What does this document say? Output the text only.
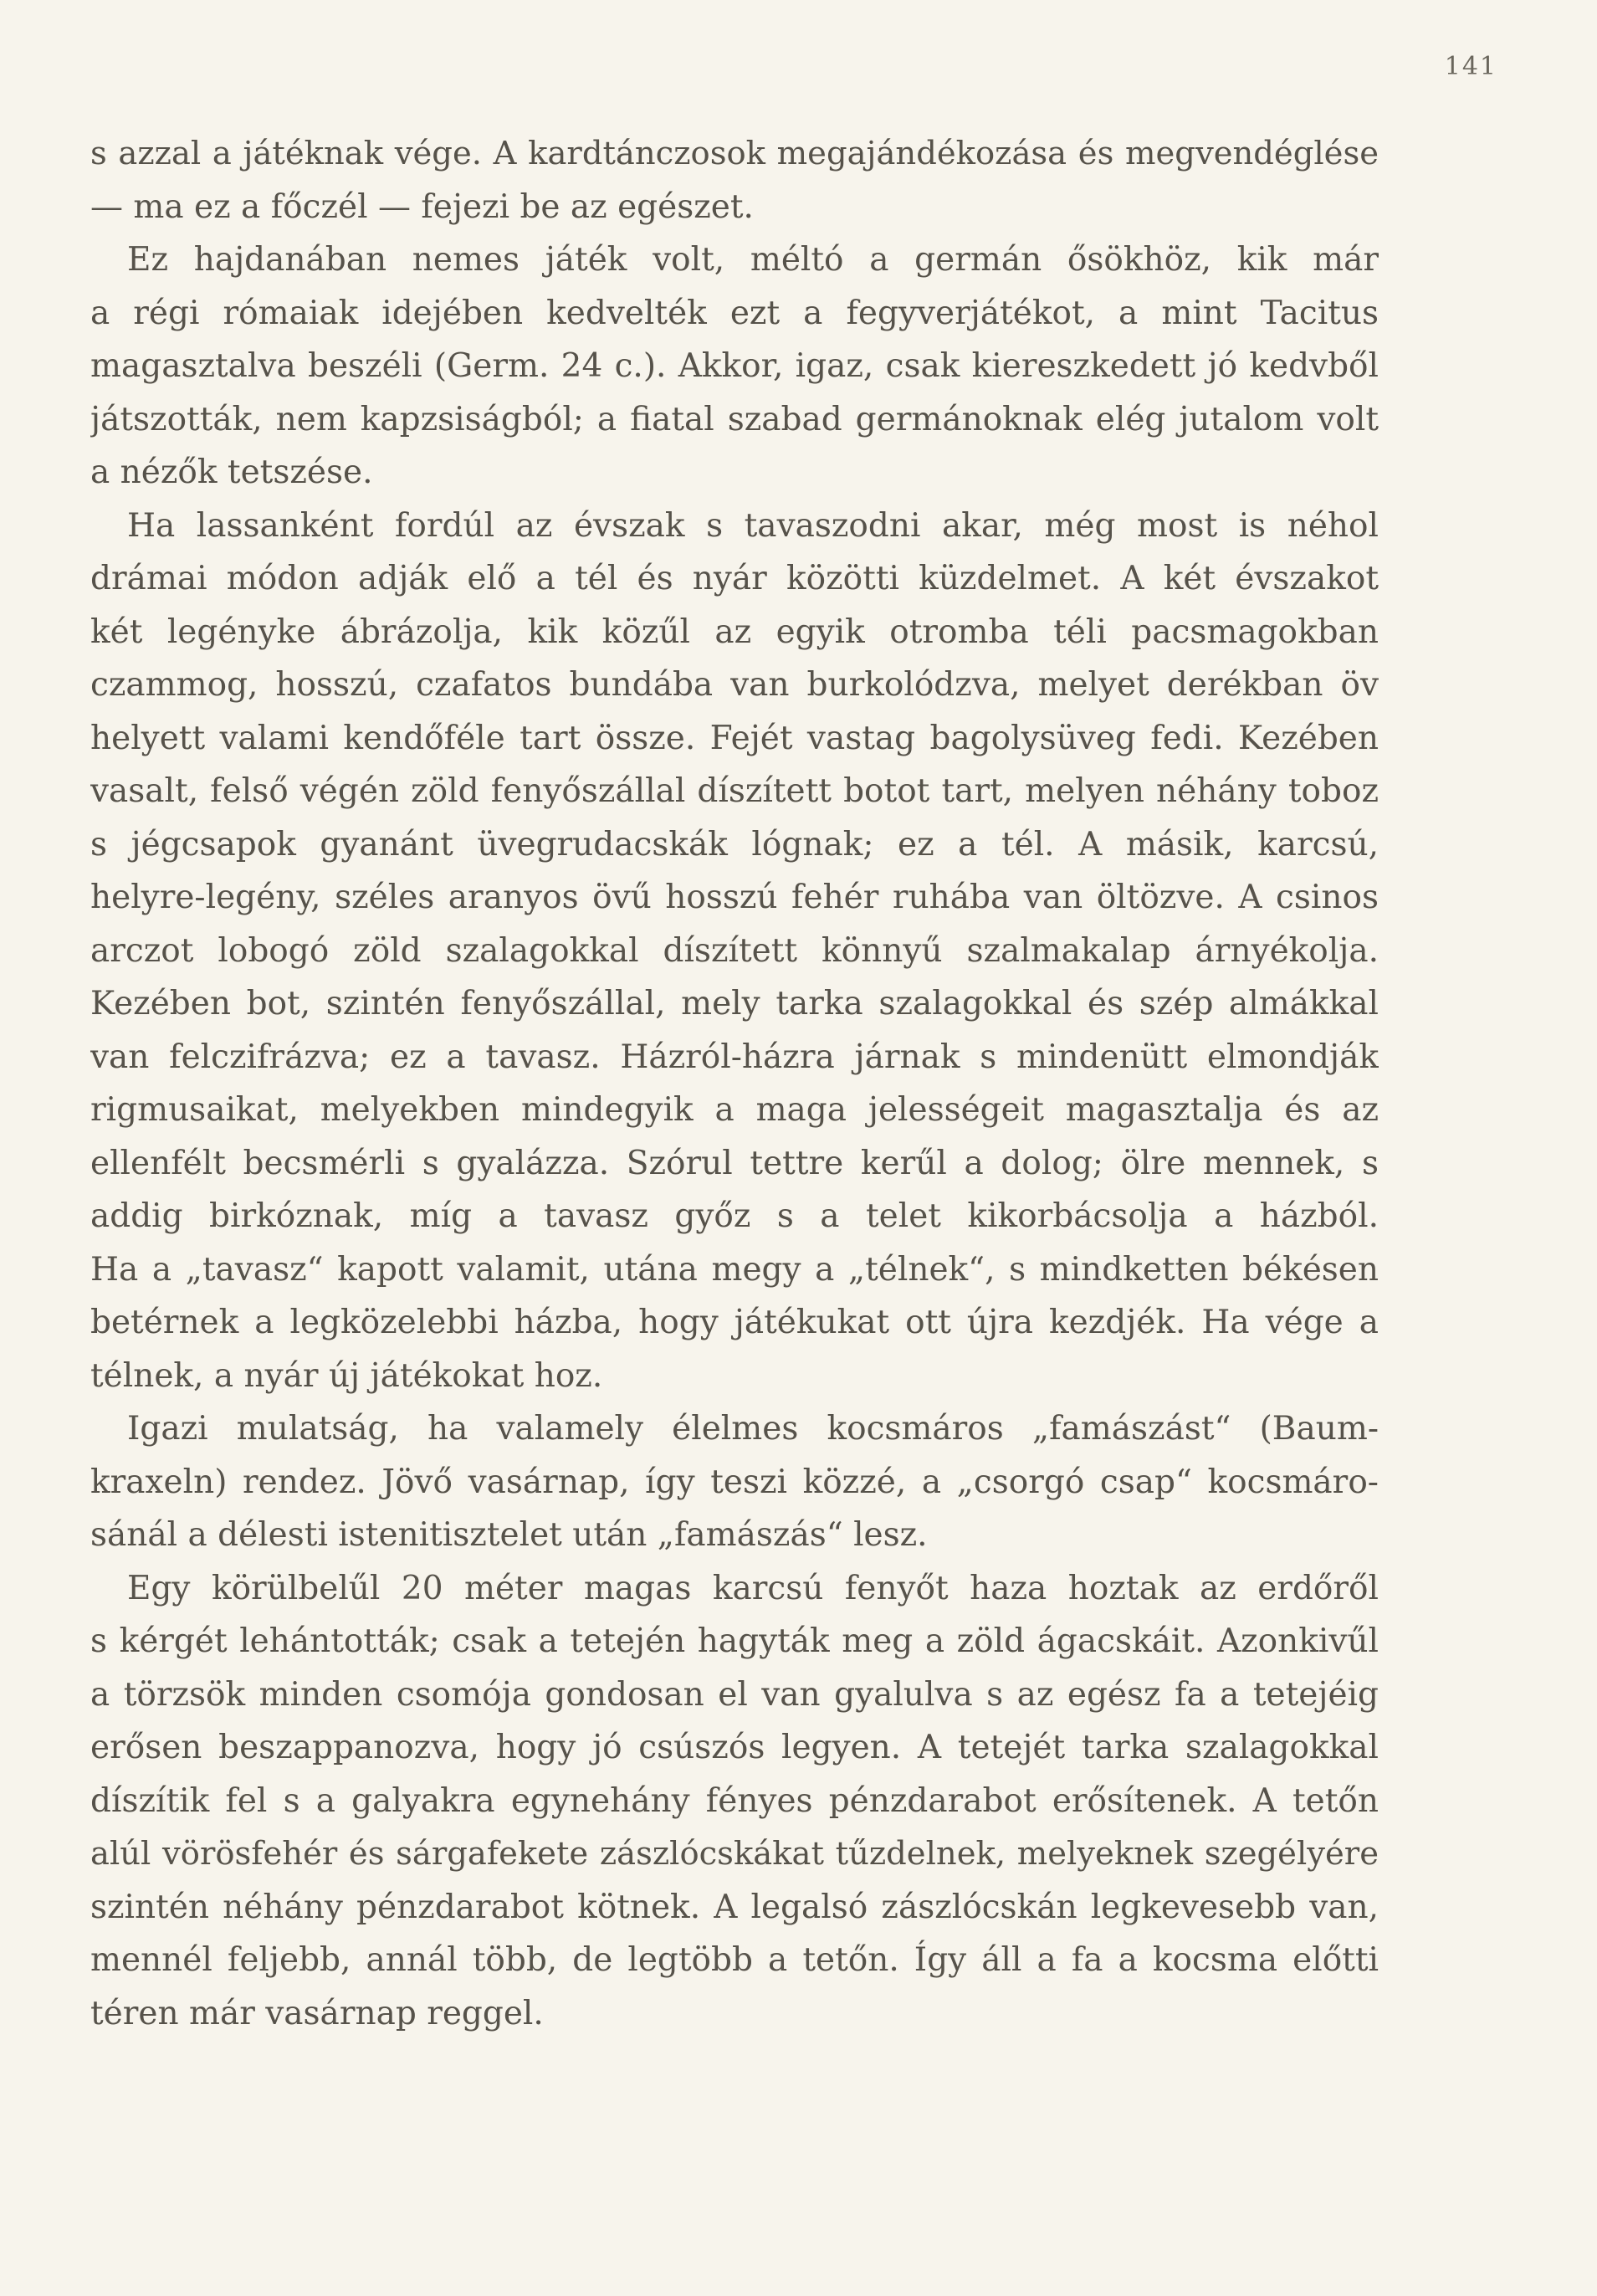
141
s azzal a játéknak vége. A kardtánczosok megajándékozása és megvendéglése
— ma ez a főczél — fejezi be az egészet.
Ez hajdanában nemes játék volt, méltó a germán ősökhöz, kik már
a régi rómaiak idejében kedvelték ezt a fegyverjátékot, a mint Tacitus
magasztalva beszéli (Germ. 24 c.). Akkor, igaz, csak kiereszkedett jó kedvből
játszották, nem kapzsiságból; a fiatal szabad germánoknak elég jutalom volt
a nézők tetszése.
Ha lassanként fordúl az évszak s tavaszodni akar, még most is néhol
drámai módon adják elő a tél és nyár közötti küzdelmet. A két évszakot
két legényke ábrázolja, kik közűl az egyik otromba téli pacsmagokban
czammog, hosszú, czafatos bundába van burkolódzva, melyet derékban öv
helyett valami kendőféle tart össze. Fejét vastag bagolysüveg fedi. Kezében
vasalt, felső végén zöld fenyőszállal díszített botot tart, melyen néhány toboz
s jégcsapok gyanánt üvegrudacskák lógnak; ez a tél. A másik, karcsú,
helyre-legény, széles aranyos övű hosszú fehér ruhába van öltözve. A csinos
arczot lobogó zöld szalagokkal díszített könnyű szalmakalap árnyékolja.
Kezében bot, szintén fenyőszállal, mely tarka szalagokkal és szép almákkal
van felczifrázva; ez a tavasz. Házról-házra járnak s mindenütt elmondják
rigmusaikat, melyekben mindegyik a maga jelességeit magasztalja és az
ellenfélt becsmérli s gyalázza. Szórul tettre kerűl a dolog; ölre mennek, s
addig birkóznak, míg a tavasz győz s a telet kikorbácsolja a házból.
Ha a „tavasz“ kapott valamit, utána megy a „télnek“, s mindketten békésen
betérnek a legközelebbi házba, hogy játékukat ott újra kezdjék. Ha vége a
télnek, a nyár új játékokat hoz.
Igazi mulatság, ha valamely élelmes kocsmáros „famászást“ (Baum-
kraxeln) rendez. Jövő vasárnap, így teszi közzé, a „csorgó csap“ kocsmáro-
sánál a délesti istenitisztelet után „famászás“ lesz.
Egy körülbelűl 20 méter magas karcsú fenyőt haza hoztak az erdőről
s kérgét lehántották; csak a tetején hagyták meg a zöld ágacskáit. Azonkivűl
a törzsök minden csomója gondosan el van gyalulva s az egész fa a tetejéig
erősen beszappanozva, hogy jó csúszós legyen. A tetejét tarka szalagokkal
díszítik fel s a galyakra egynehány fényes pénzdarabot erősítenek. A tetőn
alúl vörösfehér és sárgafekete zászlócskákat tűzdelnek, melyeknek szegélyére
szintén néhány pénzdarabot kötnek. A legalsó zászlócskán legkevesebb van,
mennél feljebb, annál több, de legtöbb a tetőn. Így áll a fa a kocsma előtti
téren már vasárnap reggel.
